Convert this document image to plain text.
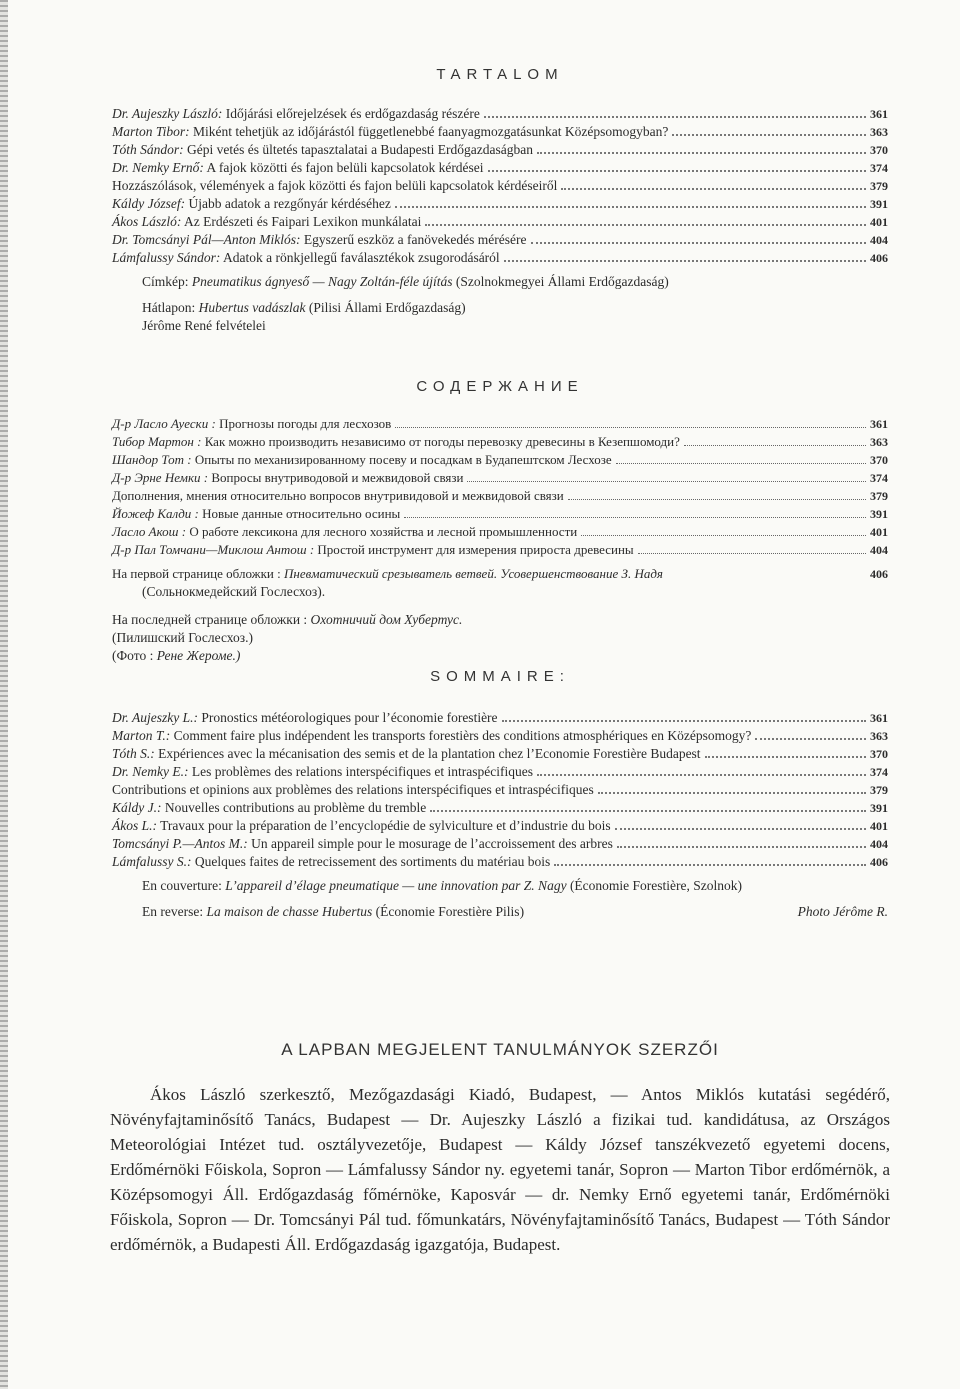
TARTALOM
Dr. Aujeszky László: Időjárási előrejelzések és erdőgazdaság részére	361
Marton Tibor: Miként tehetjük az időjárástól függetlenebbé faanyagmozgatásunkat Középsomogyban?	363
Tóth Sándor: Gépi vetés és ültetés tapasztalatai a Budapesti Erdőgazdaságban	370
Dr. Nemky Ernő: A fajok közötti és fajon belüli kapcsolatok kérdései	374
Hozzászólások, vélemények a fajok közötti és fajon belüli kapcsolatok kérdéseiről	379
Káldy József: Újabb adatok a rezgőnyár kérdéséhez	391
Ákos László: Az Erdészeti és Faipari Lexikon munkálatai	401
Dr. Tomcsányi Pál—Anton Miklós: Egyszerű eszköz a fanövekedés mérésére	404
Lámfalussy Sándor: Adatok a rönkjellegű faválasztékok zsugorodásáról	406
Címkép: Pneumatikus ágnyeső — Nagy Zoltán-féle újítás (Szolnokmegyei Állami Erdőgazdaság)
Hátlapon: Hubertus vadászlak (Pilisi Állami Erdőgazdaság)
Jérôme René felvételei
СОДЕРЖАНИЕ
Д-р Ласло Ауески : Прогнозы погоды для лесхозов	361
Тибор Мартон : Как можно производить независимо от погоды перевозку древесины в Кезепшомоди?	363
Шандор Тот : Опыты по механизированному посеву и посадкам в Будапештском Лесхозе	370
Д-р Эрне Немки : Вопросы внутриводовой и межвидовой связи	374
Дополнения, мнения относительно вопросов внутривидовой и межвидовой связи	379
Йожеф Калди : Новые данные относительно осины	391
Ласло Акош : О работе лексикона для лесного хозяйства и лесной промышленности	401
Д-р Пал Томчани—Миклош Антош : Простой инструмент для измерения прироста древесины	404
На первой странице обложки : Пневматический срезыватель ветвей. Усовершенствование З. Надя	406
(Сольнокмедейский Гослесхоз).
На последней странице обложки : Охотничий дом Хубертус.
(Пилишский Гослесхоз.)
(Фото : Рене Жероме.)
SOMMAIRE:
Dr. Aujeszky L.: Pronostics météorologiques pour l’économie forestière	361
Marton T.: Comment faire plus indépendent les transports forestièrs des conditions atmosphériques en Középsomogy?	363
Tóth S.: Expériences avec la mécanisation des semis et de la plantation chez l’Economie Forestière Budapest	370
Dr. Nemky E.: Les problèmes des relations interspécifiques et intraspécifiques	374
Contributions et opinions aux problèmes des relations interspécifiques et intraspécifiques	379
Káldy J.: Nouvelles contributions au problème du tremble	391
Ákos L.: Travaux pour la préparation de l’encyclopédie de sylviculture et d’industrie du bois	401
Tomcsányi P.—Antos M.: Un appareil simple pour le mosurage de l’accroissement des arbres	404
Lámfalussy S.: Quelques faites de retrecissement des sortiments du matériau bois	406
En couverture: L’appareil d’élage pneumatique — une innovation par Z. Nagy (Économie Forestière, Szolnok)
En reverse: La maison de chasse Hubertus (Économie Forestière Pilis)	Photo Jérôme R.
A LAPBAN MEGJELENT TANULMÁNYOK SZERZŐI

Ákos László szerkesztő, Mezőgazdasági Kiadó, Budapest, — Antos Miklós kutatási segédérő, Növényfajtaminősítő Tanács, Budapest — Dr. Aujeszky László a fizikai tud. kandidátusa, az Országos Meteorológiai Intézet tud. osztályvezetője, Budapest — Káldy József tanszékvezető egyetemi docens, Erdőmérnöki Főiskola, Sopron — Lámfalussy Sándor ny. egyetemi tanár, Sopron — Marton Tibor erdőmérnök, a Középsomogyi Áll. Erdőgazdaság főmérnöke, Kaposvár — dr. Nemky Ernő egyetemi tanár, Erdőmérnöki Főiskola, Sopron — Dr. Tomcsányi Pál tud. főmunkatárs, Növényfajtaminősítő Tanács, Budapest — Tóth Sándor erdőmérnök, a Budapesti Áll. Erdőgazdaság igazgatója, Budapest.
